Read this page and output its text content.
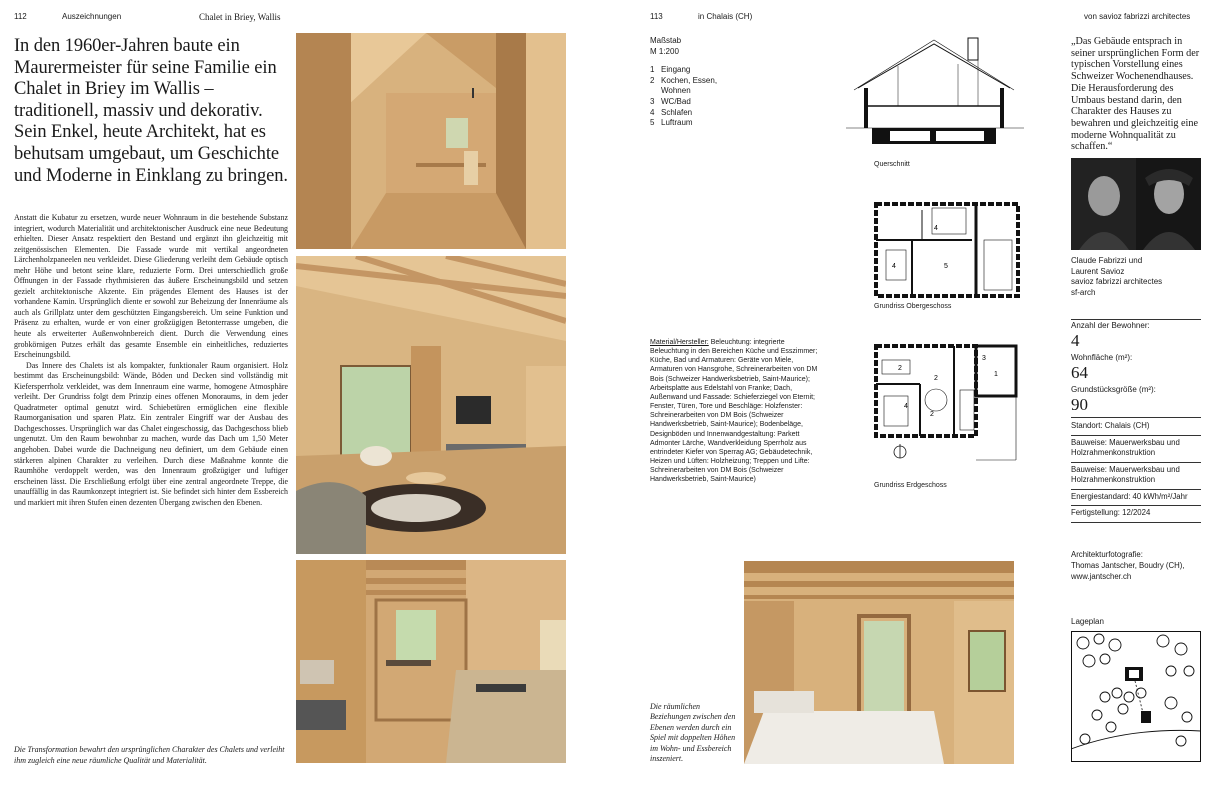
112	Auszeichnungen	Chalet in Briey, Wallis
In den 1960er-Jahren baute ein Maurermeister für seine Familie ein Chalet in Briey im Wallis – traditionell, massiv und dekorativ. Sein Enkel, heute Architekt, hat es behutsam umgebaut, um Geschichte und Moderne in Einklang zu bringen.

Anstatt die Kubatur zu ersetzen, wurde neuer Wohnraum in die bestehende Substanz integriert, wodurch Materialität und architektonischer Ausdruck eine neue Bedeutung erhielten. Dieser Ansatz respektiert den Bestand und ergänzt ihn gleichzeitig mit zeitgenössischen Elementen. Die Fassade wurde mit vertikal angeordneten Lärchenholzpaneelen neu verkleidet. Diese Gliederung verleiht dem Gebäude optisch mehr Höhe und betont seine klare, reduzierte Form. Drei unterschiedlich große Öffnungen in der Fassade rhythmisieren das äußere Erscheinungsbild und setzen gezielt architektonische Akzente. Ein prägendes Element des Hauses ist der vorhandene Kamin. Ursprünglich diente er sowohl zur Beheizung der Innenräume als auch als Grillplatz unter dem geschützten Eingangsbereich. Um seine Funktion und Präsenz zu erhalten, wurde er von einer großzügigen Betonterrasse umgeben, die heute als erweiterter Außenwohnbereich dient. Durch die Verwendung eines grobkörnigen Putzes erhält das gesamte Ensemble ein einheitliches, reduziertes Erscheinungsbild.

Das Innere des Chalets ist als kompakter, funktionaler Raum organisiert. Holz bestimmt das Erscheinungsbild: Wände, Böden und Decken sind vollständig mit Kiefersperrholz verkleidet, was dem Innenraum eine warme, homogene Atmosphäre verleiht. Der Grundriss folgt dem Prinzip eines offenen Monoraums, in dem jeder Quadratmeter optimal genutzt wird. Schiebetüren ermöglichen eine flexible Raumorganisation und sparen Platz. Ein zentraler Eingriff war der Ausbau des Dachgeschosses. Ursprünglich war das Chalet eingeschossig, das Dachgeschoss blieb ungenutzt. Um den Raum bewohnbar zu machen, wurde das Dach um 1,50 Meter angehoben. Dabei wurde die Dachneigung neu definiert, um dem Gebäude einen stärkeren alpinen Charakter zu verleihen. Durch diese Maßnahme konnte die Raumhöhe verdoppelt werden, was den Innenraum großzügiger und luftiger erscheinen lässt. Die Erschließung erfolgt über eine zentral angeordnete Treppe, die unauffällig in das Raumkonzept integriert ist. Sie befindet sich hinter dem Essbereich und markiert mit ihren Stufen einen dezenten Übergang zwischen den Ebenen.

Die Transformation bewahrt den ursprünglichen Charakter des Chalets und verleiht ihm zugleich eine neue räumliche Qualität und Materialität.
113	in Chalais (CH)	von savioz fabrizzi architectes
Maßstab
M 1:200
1 Eingang
2 Kochen, Essen, Wohnen
3 WC/Bad
4 Schlafen
5 Luftraum
Querschnitt
4
4	5
Grundriss Obergeschoss
3
1
2
2
4
2
Grundriss Erdgeschoss
Material/Hersteller: Beleuchtung: integrierte Beleuchtung in den Bereichen Küche und Esszimmer; Küche, Bad und Armaturen: Geräte von Miele, Armaturen von Hansgrohe, Schreinerarbeiten von DM Bois (Schweizer Handwerksbetrieb, Saint-Maurice); Arbeitsplatte aus Edelstahl von Franke; Dach, Außenwand und Fassade: Schieferziegel von Eternit; Fenster, Türen, Tore und Beschläge: Holzfenster: Schreinerarbeiten von DM Bois (Schweizer Handwerksbetrieb, Saint-Maurice); Bodenbeläge, Designböden und Innenwandgestaltung: Parkett Admonter Lärche, Wandverkleidung Sperrholz aus entrindeter Kiefer von Sperrag AG; Gebäudetechnik, Heizen und Lüften: Holzheizung; Treppen und Lifte: Schreinerarbeiten von DM Bois (Schweizer Handwerksbetrieb, Saint-Maurice)
Die räumlichen Beziehungen zwischen den Ebenen werden durch ein Spiel mit doppelten Höhen im Wohn- und Essbereich inszeniert.
„Das Gebäude entsprach in seiner ursprünglichen Form der typischen Vorstellung eines Schweizer Wochenendhauses. Die Herausforderung des Umbaus bestand darin, den Charakter des Hauses zu bewahren und gleichzeitig eine moderne Wohnqualität zu schaffen.“
Claude Fabrizzi und
Laurent Savioz
savioz fabrizzi architectes
sf-arch
Anzahl der Bewohner:
4
Wohnfläche (m²):
64
Grundstücksgröße (m²):
90
Standort: Chalais (CH)
Bauweise: Mauerwerksbau und Holzrahmenkonstruktion
Bauweise: Mauerwerksbau und Holzrahmenkonstruktion
Energiestandard: 40 kWh/m²/Jahr
Fertigstellung: 12/2024
Architekturfotografie:
Thomas Jantscher, Boudry (CH),
www.jantscher.ch
Lageplan
